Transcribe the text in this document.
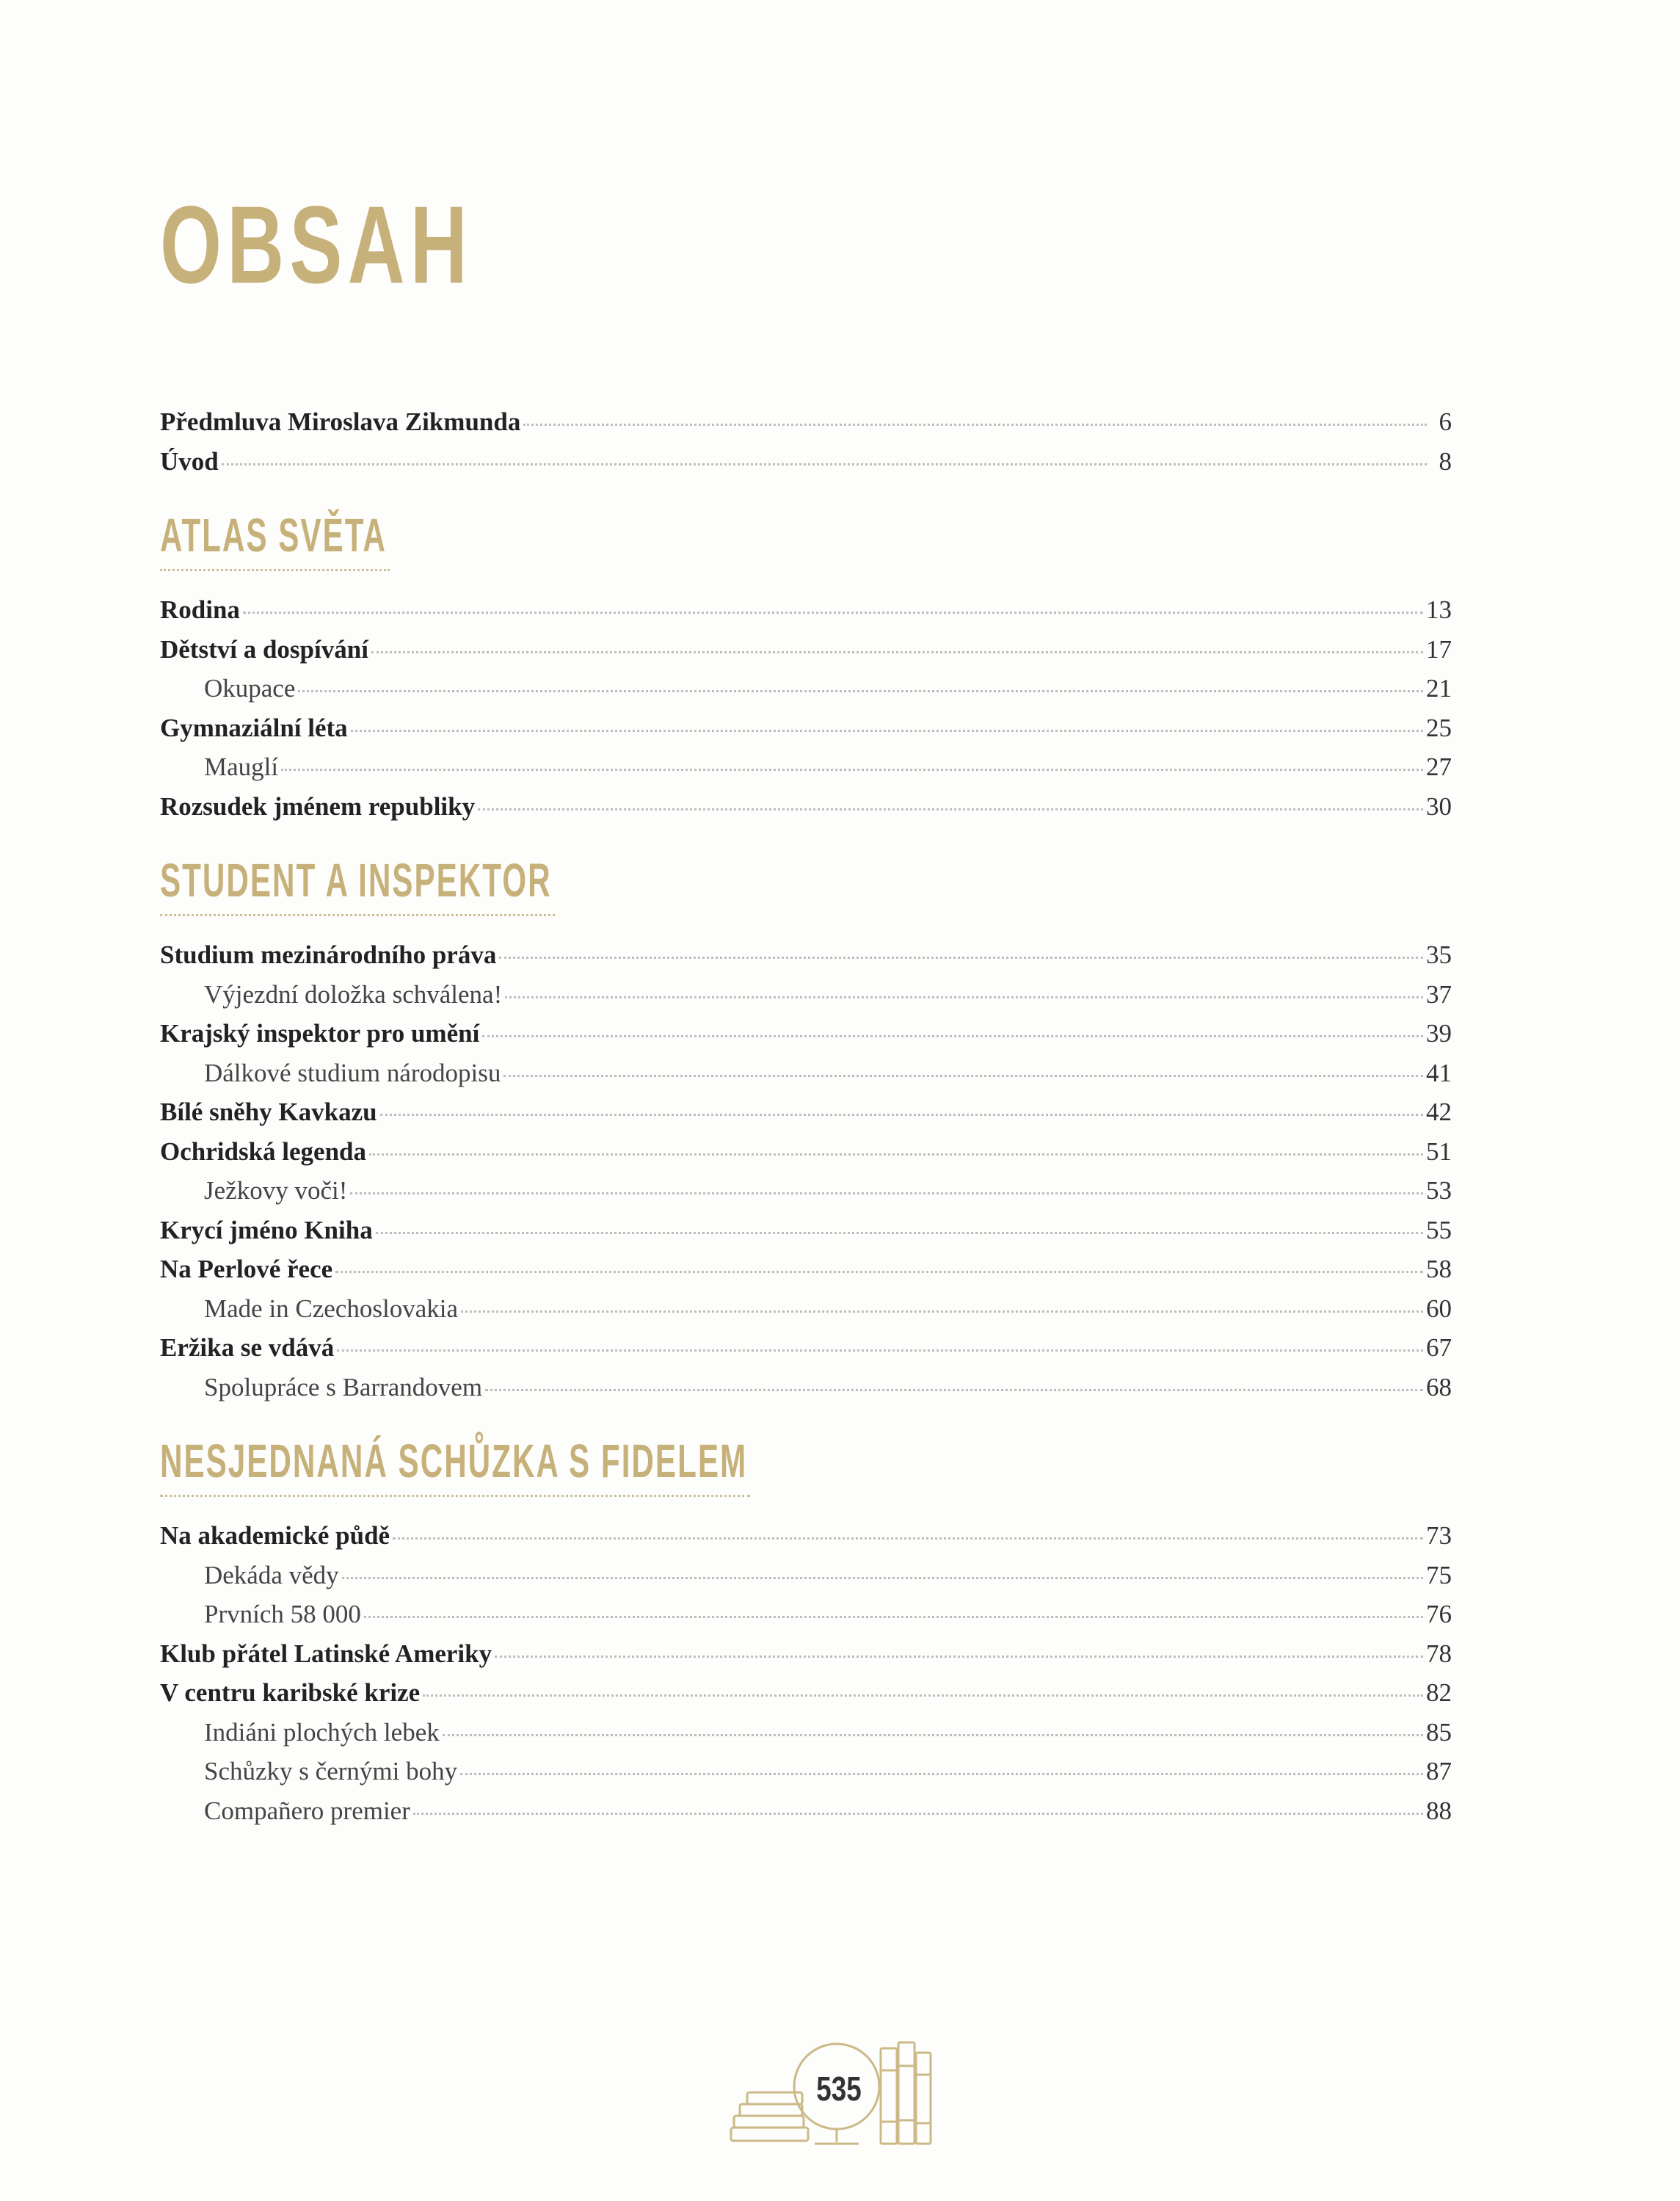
OBSAH
Předmluva Miroslava Zikmunda	6
Úvod	8
ATLAS SVĚTA
Rodina	13
Dětství a dospívání	17
Okupace	21
Gymnaziální léta	25
Mauglí	27
Rozsudek jménem republiky	30
STUDENT A INSPEKTOR
Studium mezinárodního práva	35
Výjezdní doložka schválena!	37
Krajský inspektor pro umění	39
Dálkové studium národopisu	41
Bílé sněhy Kavkazu	42
Ochridská legenda	51
Ježkovy voči!	53
Krycí jméno Kniha	55
Na Perlové řece	58
Made in Czechoslovakia	60
Eržika se vdává	67
Spolupráce s Barrandovem	68
NESJEDNANÁ SCHŮZKA S FIDELEM
Na akademické půdě	73
Dekáda vědy	75
Prvních 58 000	76
Klub přátel Latinské Ameriky	78
V centru karibské krize	82
Indiáni plochých lebek	85
Schůzky s černými bohy	87
Compañero premier	88
535
